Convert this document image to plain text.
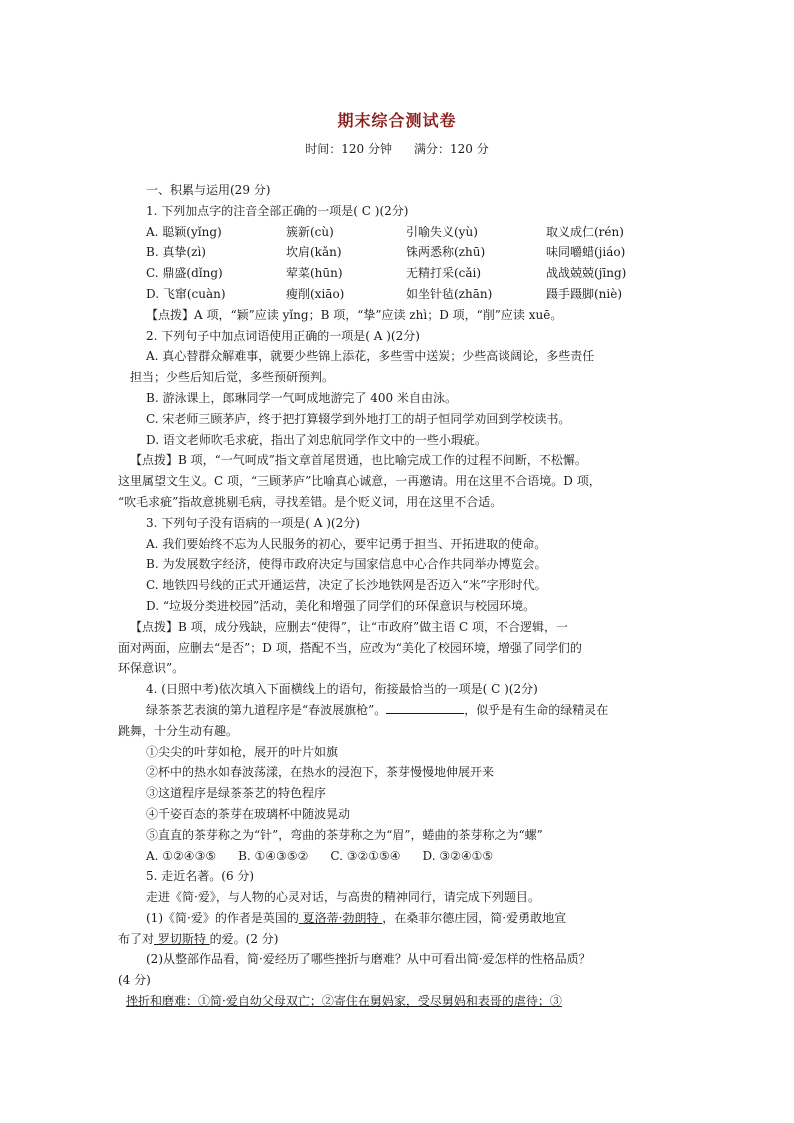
期末综合测试卷
时间：120 分钟 满分：120 分

一、积累与运用(29 分)

1. 下列加点字的注音全部正确的一项是( C )(2分)

A. 聪颖(yǐng)	簇新(cù)	引喻失义(yù)	取义成仁(rén)
B. 真挚(zì)	坎肩(kǎn)	铢两悉称(zhū)	味同嚼蜡(jiáo)
C. 鼎盛(dǐng)	荤菜(hūn)	无精打采(cǎi)	战战兢兢(jīng)
D. 飞窜(cuàn)	瘦削(xiāo)	如坐针毡(zhān)	蹑手蹑脚(niè)

【点拨】A 项，“颖”应读 yǐng；B 项，“挚”应读 zhì；D 项，“削”应读 xuē。

2. 下列句子中加点词语使用正确的一项是( A )(2分)

A. 真心替群众解难事，就要少些锦上添花，多些雪中送炭；少些高谈阔论，多些责任

担当；少些后知后觉，多些预研预判。

B. 游泳课上，郎琳同学一气呵成地游完了 400 米自由泳。

C. 宋老师三顾茅庐，终于把打算辍学到外地打工的胡子恒同学劝回到学校读书。

D. 语文老师吹毛求疵，指出了刘忠航同学作文中的一些小瑕疵。

【点拨】B 项，“一气呵成”指文章首尾贯通，也比喻完成工作的过程不间断，不松懈。

这里属望文生义。C 项，“三顾茅庐”比喻真心诚意，一再邀请。用在这里不合语境。D 项，

“吹毛求疵”指故意挑剔毛病，寻找差错。是个贬义词，用在这里不合适。

3. 下列句子没有语病的一项是( A )(2分)

A. 我们要始终不忘为人民服务的初心，要牢记勇于担当、开拓进取的使命。

B. 为发展数字经济，使得市政府决定与国家信息中心合作共同举办博览会。

C. 地铁四号线的正式开通运营，决定了长沙地铁网是否迈入“米”字形时代。

D. “垃圾分类进校园”活动，美化和增强了同学们的环保意识与校园环境。

【点拨】B 项，成分残缺，应删去“使得”，让“市政府”做主语 C 项，不合逻辑，一

面对两面，应删去“是否”；D 项，搭配不当，应改为“美化了校园环境，增强了同学们的

环保意识”。

4. (日照中考)依次填入下面横线上的语句，衔接最恰当的一项是( C )(2分)

绿茶茶艺表演的第九道程序是“春波展旗枪”。	，似乎是有生命的绿精灵在

跳舞，十分生动有趣。

①尖尖的叶芽如枪，展开的叶片如旗

②杯中的热水如春波荡漾，在热水的浸泡下，茶芽慢慢地伸展开来

③这道程序是绿茶茶艺的特色程序

④千姿百态的茶芽在玻璃杯中随波晃动

⑤直直的茶芽称之为“针”，弯曲的茶芽称之为“眉”，蜷曲的茶芽称之为“螺”

A. ①②④③⑤ B. ①④③⑤② C. ③②①⑤④ D. ③②④①⑤

5. 走近名著。(6 分)

走进《简·爱》，与人物的心灵对话，与高贵的精神同行，请完成下列题目。

(1)《简·爱》的作者是英国的 夏洛蒂·勃朗特 ，在桑菲尔德庄园，简·爱勇敢地宣

布了对 罗切斯特 的爱。(2 分)

(2)从整部作品看，简·爱经历了哪些挫折与磨难？从中可看出简·爱怎样的性格品质？

(4 分)

挫折和磨难：①简·爱自幼父母双亡；②寄住在舅妈家，受尽舅妈和表哥的虐待；③
